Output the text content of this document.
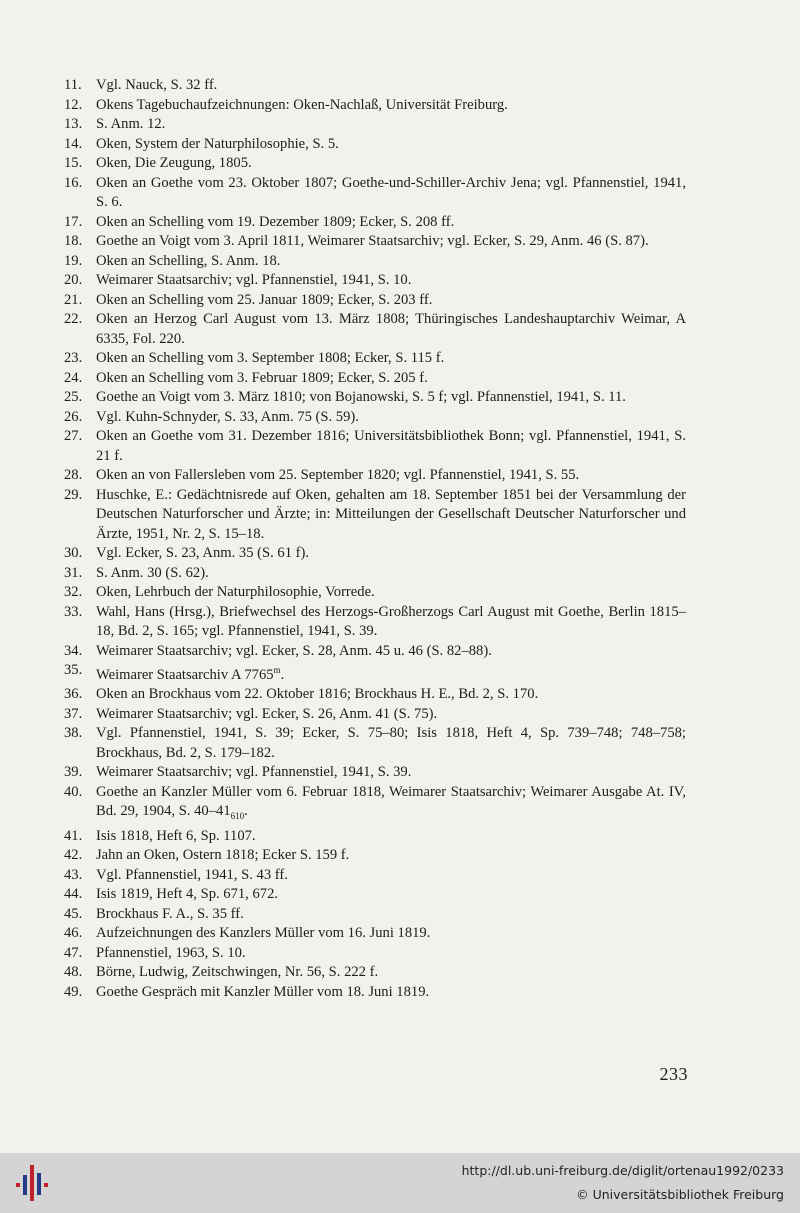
11. Vgl. Nauck, S. 32 ff.
12. Okens Tagebuchaufzeichnungen: Oken-Nachlaß, Universität Freiburg.
13. S. Anm. 12.
14. Oken, System der Naturphilosophie, S. 5.
15. Oken, Die Zeugung, 1805.
16. Oken an Goethe vom 23. Oktober 1807; Goethe-und-Schiller-Archiv Jena; vgl. Pfannenstiel, 1941, S. 6.
17. Oken an Schelling vom 19. Dezember 1809; Ecker, S. 208 ff.
18. Goethe an Voigt vom 3. April 1811, Weimarer Staatsarchiv; vgl. Ecker, S. 29, Anm. 46 (S. 87).
19. Oken an Schelling, S. Anm. 18.
20. Weimarer Staatsarchiv; vgl. Pfannenstiel, 1941, S. 10.
21. Oken an Schelling vom 25. Januar 1809; Ecker, S. 203 ff.
22. Oken an Herzog Carl August vom 13. März 1808; Thüringisches Landeshauptarchiv Weimar, A 6335, Fol. 220.
23. Oken an Schelling vom 3. September 1808; Ecker, S. 115 f.
24. Oken an Schelling vom 3. Februar 1809; Ecker, S. 205 f.
25. Goethe an Voigt vom 3. März 1810; von Bojanowski, S. 5 f; vgl. Pfannenstiel, 1941, S. 11.
26. Vgl. Kuhn-Schnyder, S. 33, Anm. 75 (S. 59).
27. Oken an Goethe vom 31. Dezember 1816; Universitätsbibliothek Bonn; vgl. Pfannenstiel, 1941, S. 21 f.
28. Oken an von Fallersleben vom 25. September 1820; vgl. Pfannenstiel, 1941, S. 55.
29. Huschke, E.: Gedächtnisrede auf Oken, gehalten am 18. September 1851 bei der Versammlung der Deutschen Naturforscher und Ärzte; in: Mitteilungen der Gesellschaft Deutscher Naturforscher und Ärzte, 1951, Nr. 2, S. 15–18.
30. Vgl. Ecker, S. 23, Anm. 35 (S. 61 f).
31. S. Anm. 30 (S. 62).
32. Oken, Lehrbuch der Naturphilosophie, Vorrede.
33. Wahl, Hans (Hrsg.), Briefwechsel des Herzogs-Großherzogs Carl August mit Goethe, Berlin 1815–18, Bd. 2, S. 165; vgl. Pfannenstiel, 1941, S. 39.
34. Weimarer Staatsarchiv; vgl. Ecker, S. 28, Anm. 45 u. 46 (S. 82–88).
35. Weimarer Staatsarchiv A 7765$^m$.
36. Oken an Brockhaus vom 22. Oktober 1816; Brockhaus H. E., Bd. 2, S. 170.
37. Weimarer Staatsarchiv; vgl. Ecker, S. 26, Anm. 41 (S. 75).
38. Vgl. Pfannenstiel, 1941, S. 39; Ecker, S. 75–80; Isis 1818, Heft 4, Sp. 739–748; 748–758; Brockhaus, Bd. 2, S. 179–182.
39. Weimarer Staatsarchiv; vgl. Pfannenstiel, 1941, S. 39.
40. Goethe an Kanzler Müller vom 6. Februar 1818, Weimarer Staatsarchiv; Weimarer Ausgabe At. IV, Bd. 29, 1904, S. $40-41_{610}$.
41. Isis 1818, Heft 6, Sp. 1107.
42. Jahn an Oken, Ostern 1818; Ecker S. 159 f.
43. Vgl. Pfannenstiel, 1941, S. 43 ff.
44. Isis 1819, Heft 4, Sp. 671, 672.
45. Brockhaus F. A., S. 35 ff.
46. Aufzeichnungen des Kanzlers Müller vom 16. Juni 1819.
47. Pfannenstiel, 1963, S. 10.
48. Börne, Ludwig, Zeitschwingen, Nr. 56, S. 222 f.
49. Goethe Gespräch mit Kanzler Müller vom 18. Juni 1819.
233
http://dl.ub.uni-freiburg.de/diglit/ortenau1992/0233
© Universitätsbibliothek Freiburg
